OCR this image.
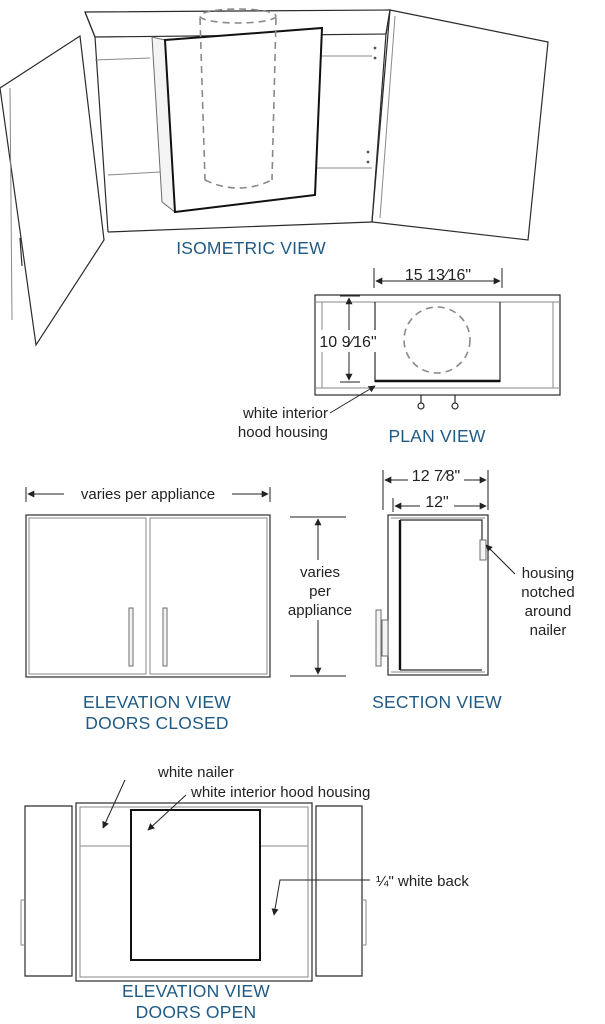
ISOMETRIC VIEW
15 13⁄16"
10 9⁄16"
white interior
hood housing	PLAN VIEW
varies per appliance
varies
per
appliance
ELEVATION VIEW
DOORS CLOSED
12 7⁄8"
12"
housing
notched
around
nailer
SECTION VIEW
white nailer
white interior hood housing
¼" white back
ELEVATION VIEW
DOORS OPEN
